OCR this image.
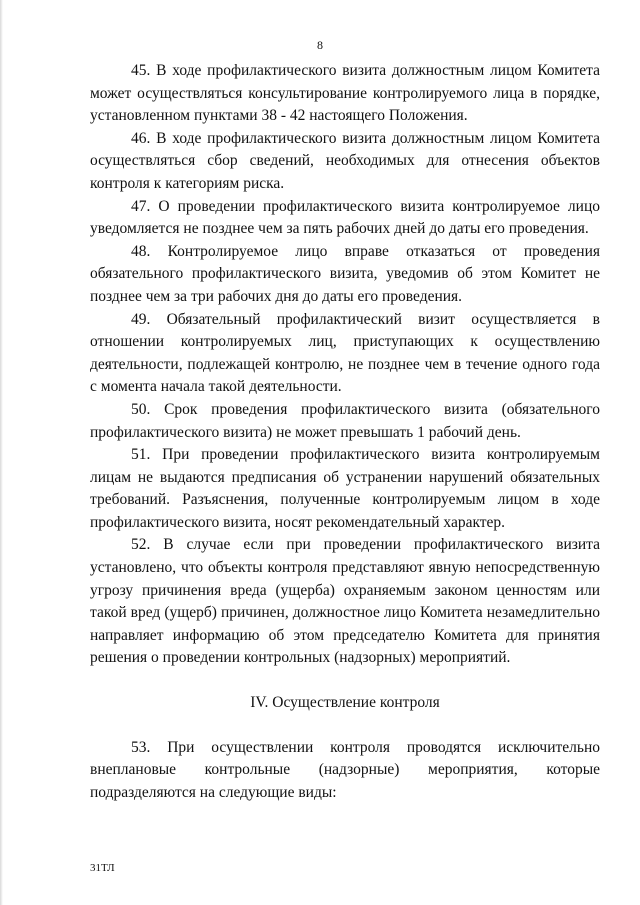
8

45. В ходе профилактического визита должностным лицом Комитета может осуществляться консультирование контролируемого лица в порядке, установленном пунктами 38 - 42 настоящего Положения.

46. В ходе профилактического визита должностным лицом Комитета осуществляться сбор сведений, необходимых для отнесения объектов контроля к категориям риска.

47. О проведении профилактического визита контролируемое лицо уведомляется не позднее чем за пять рабочих дней до даты его проведения.

48. Контролируемое лицо вправе отказаться от проведения обязательного профилактического визита, уведомив об этом Комитет не позднее чем за три рабочих дня до даты его проведения.

49. Обязательный профилактический визит осуществляется в отношении контролируемых лиц, приступающих к осуществлению деятельности, подлежащей контролю, не позднее чем в течение одного года с момента начала такой деятельности.

50. Срок проведения профилактического визита (обязательного профилактического визита) не может превышать 1 рабочий день.

51. При проведении профилактического визита контролируемым лицам не выдаются предписания об устранении нарушений обязательных требований. Разъяснения, полученные контролируемым лицом в ходе профилактического визита, носят рекомендательный характер.

52. В случае если при проведении профилактического визита установлено, что объекты контроля представляют явную непосредственную угрозу причинения вреда (ущерба) охраняемым законом ценностям или такой вред (ущерб) причинен, должностное лицо Комитета незамедлительно направляет информацию об этом председателю Комитета для принятия решения о проведении контрольных (надзорных) мероприятий.

IV. Осуществление контроля

53. При осуществлении контроля проводятся исключительно внеплановые контрольные (надзорные) мероприятия, которые подразделяются на следующие виды:

31ТЛ
